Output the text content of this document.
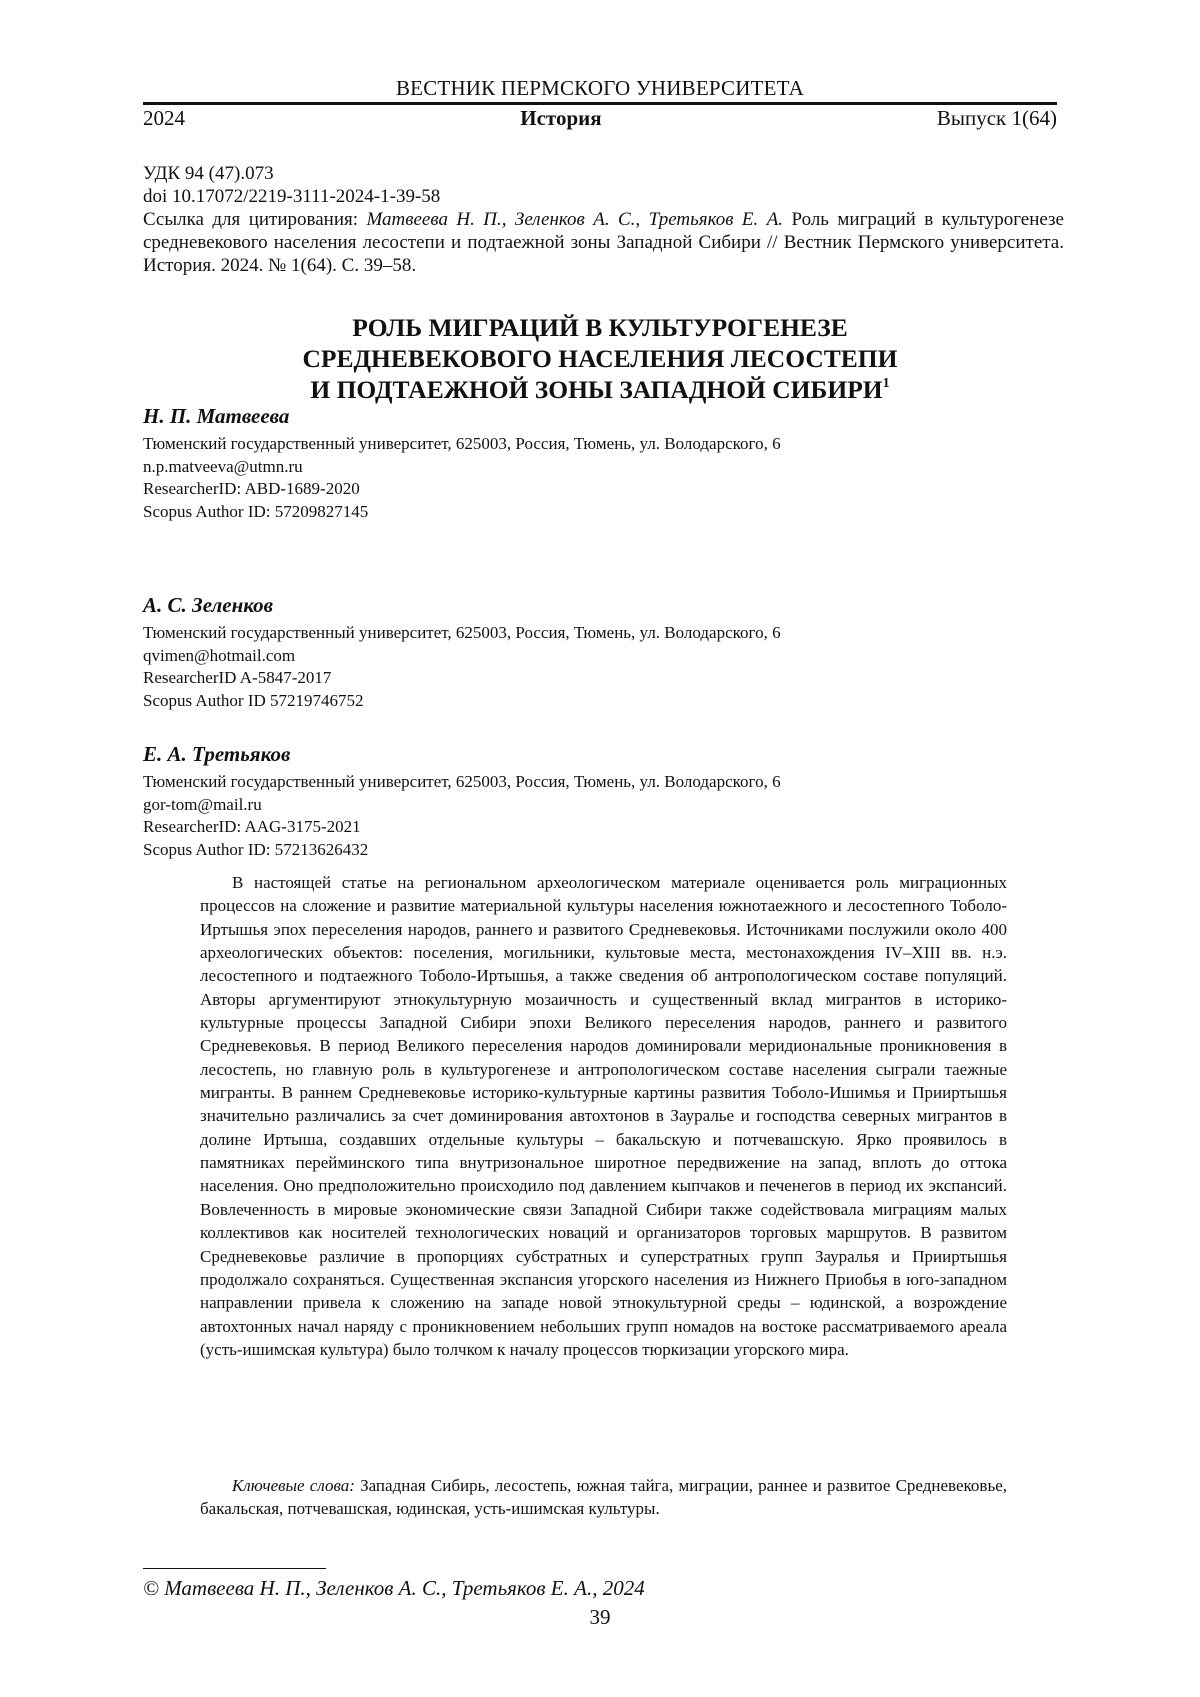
ВЕСТНИК ПЕРМСКОГО УНИВЕРСИТЕТА
2024	История	Выпуск 1(64)

УДК 94 (47).073

doi 10.17072/2219-3111-2024-1-39-58

Ссылка для цитирования: Матвеева Н. П., Зеленков А. С., Третьяков Е. А. Роль миграций в культурогенезе средневекового населения лесостепи и подтаежной зоны Западной Сибири // Вестник Пермского университета. История. 2024. № 1(64). С. 39–58.

РОЛЬ МИГРАЦИЙ В КУЛЬТУРОГЕНЕЗЕ
СРЕДНЕВЕКОВОГО НАСЕЛЕНИЯ ЛЕСОСТЕПИ
И ПОДТАЕЖНОЙ ЗОНЫ ЗАПАДНОЙ СИБИРИ$^1$
Н. П. Матвеева
Тюменский государственный университет, 625003, Россия, Тюмень, ул. Володарского, 6
n.p.matveeva@utmn.ru
ResearcherID: ABD-1689-2020
Scopus Author ID: 57209827145
А. С. Зеленков
Тюменский государственный университет, 625003, Россия, Тюмень, ул. Володарского, 6
qvimen@hotmail.com
ResearcherID A-5847-2017
Scopus Author ID 57219746752
Е. А. Третьяков
Тюменский государственный университет, 625003, Россия, Тюмень, ул. Володарского, 6
gor-tom@mail.ru
ResearcherID: AAG-3175-2021
Scopus Author ID: 57213626432

В настоящей статье на региональном археологическом материале оценивается роль миграционных процессов на сложение и развитие материальной культуры населения южнотаежного и лесостепного Тоболо-Иртышья эпох переселения народов, раннего и развитого Средневековья. Источниками послужили около 400 археологических объектов: поселения, могильники, культовые места, местонахождения IV–XIII вв. н.э. лесостепного и подтаежного Тоболо-Иртышья, а также сведения об антропологическом составе популяций. Авторы аргументируют этнокультурную мозаичность и существенный вклад мигрантов в историко-культурные процессы Западной Сибири эпохи Великого переселения народов, раннего и развитого Средневековья. В период Великого переселения народов доминировали меридиональные проникновения в лесостепь, но главную роль в культурогенезе и антропологическом составе населения сыграли таежные мигранты. В раннем Средневековье историко-культурные картины развития Тоболо-Ишимья и Прииртышья значительно различались за счет доминирования автохтонов в Зауралье и господства северных мигрантов в долине Иртыша, создавших отдельные культуры – бакальскую и потчевашскую. Ярко проявилось в памятниках перейминского типа внутризональное широтное передвижение на запад, вплоть до оттока населения. Оно предположительно происходило под давлением кыпчаков и печенегов в период их экспансий. Вовлеченность в мировые экономические связи Западной Сибири также содействовала миграциям малых коллективов как носителей технологических новаций и организаторов торговых маршрутов. В развитом Средневековье различие в пропорциях субстратных и суперстратных групп Зауралья и Прииртышья продолжало сохраняться. Существенная экспансия угорского населения из Нижнего Приобья в юго-западном направлении привела к сложению на западе новой этнокультурной среды – юдинской, а возрождение автохтонных начал наряду с проникновением небольших групп номадов на востоке рассматриваемого ареала (усть-ишимская культура) было толчком к началу процессов тюркизации угорского мира.

Ключевые слова: Западная Сибирь, лесостепь, южная тайга, миграции, раннее и развитое Средневековье, бакальская, потчевашская, юдинская, усть-ишимская культуры.
© Матвеева Н. П., Зеленков А. С., Третьяков Е. А., 2024
39
